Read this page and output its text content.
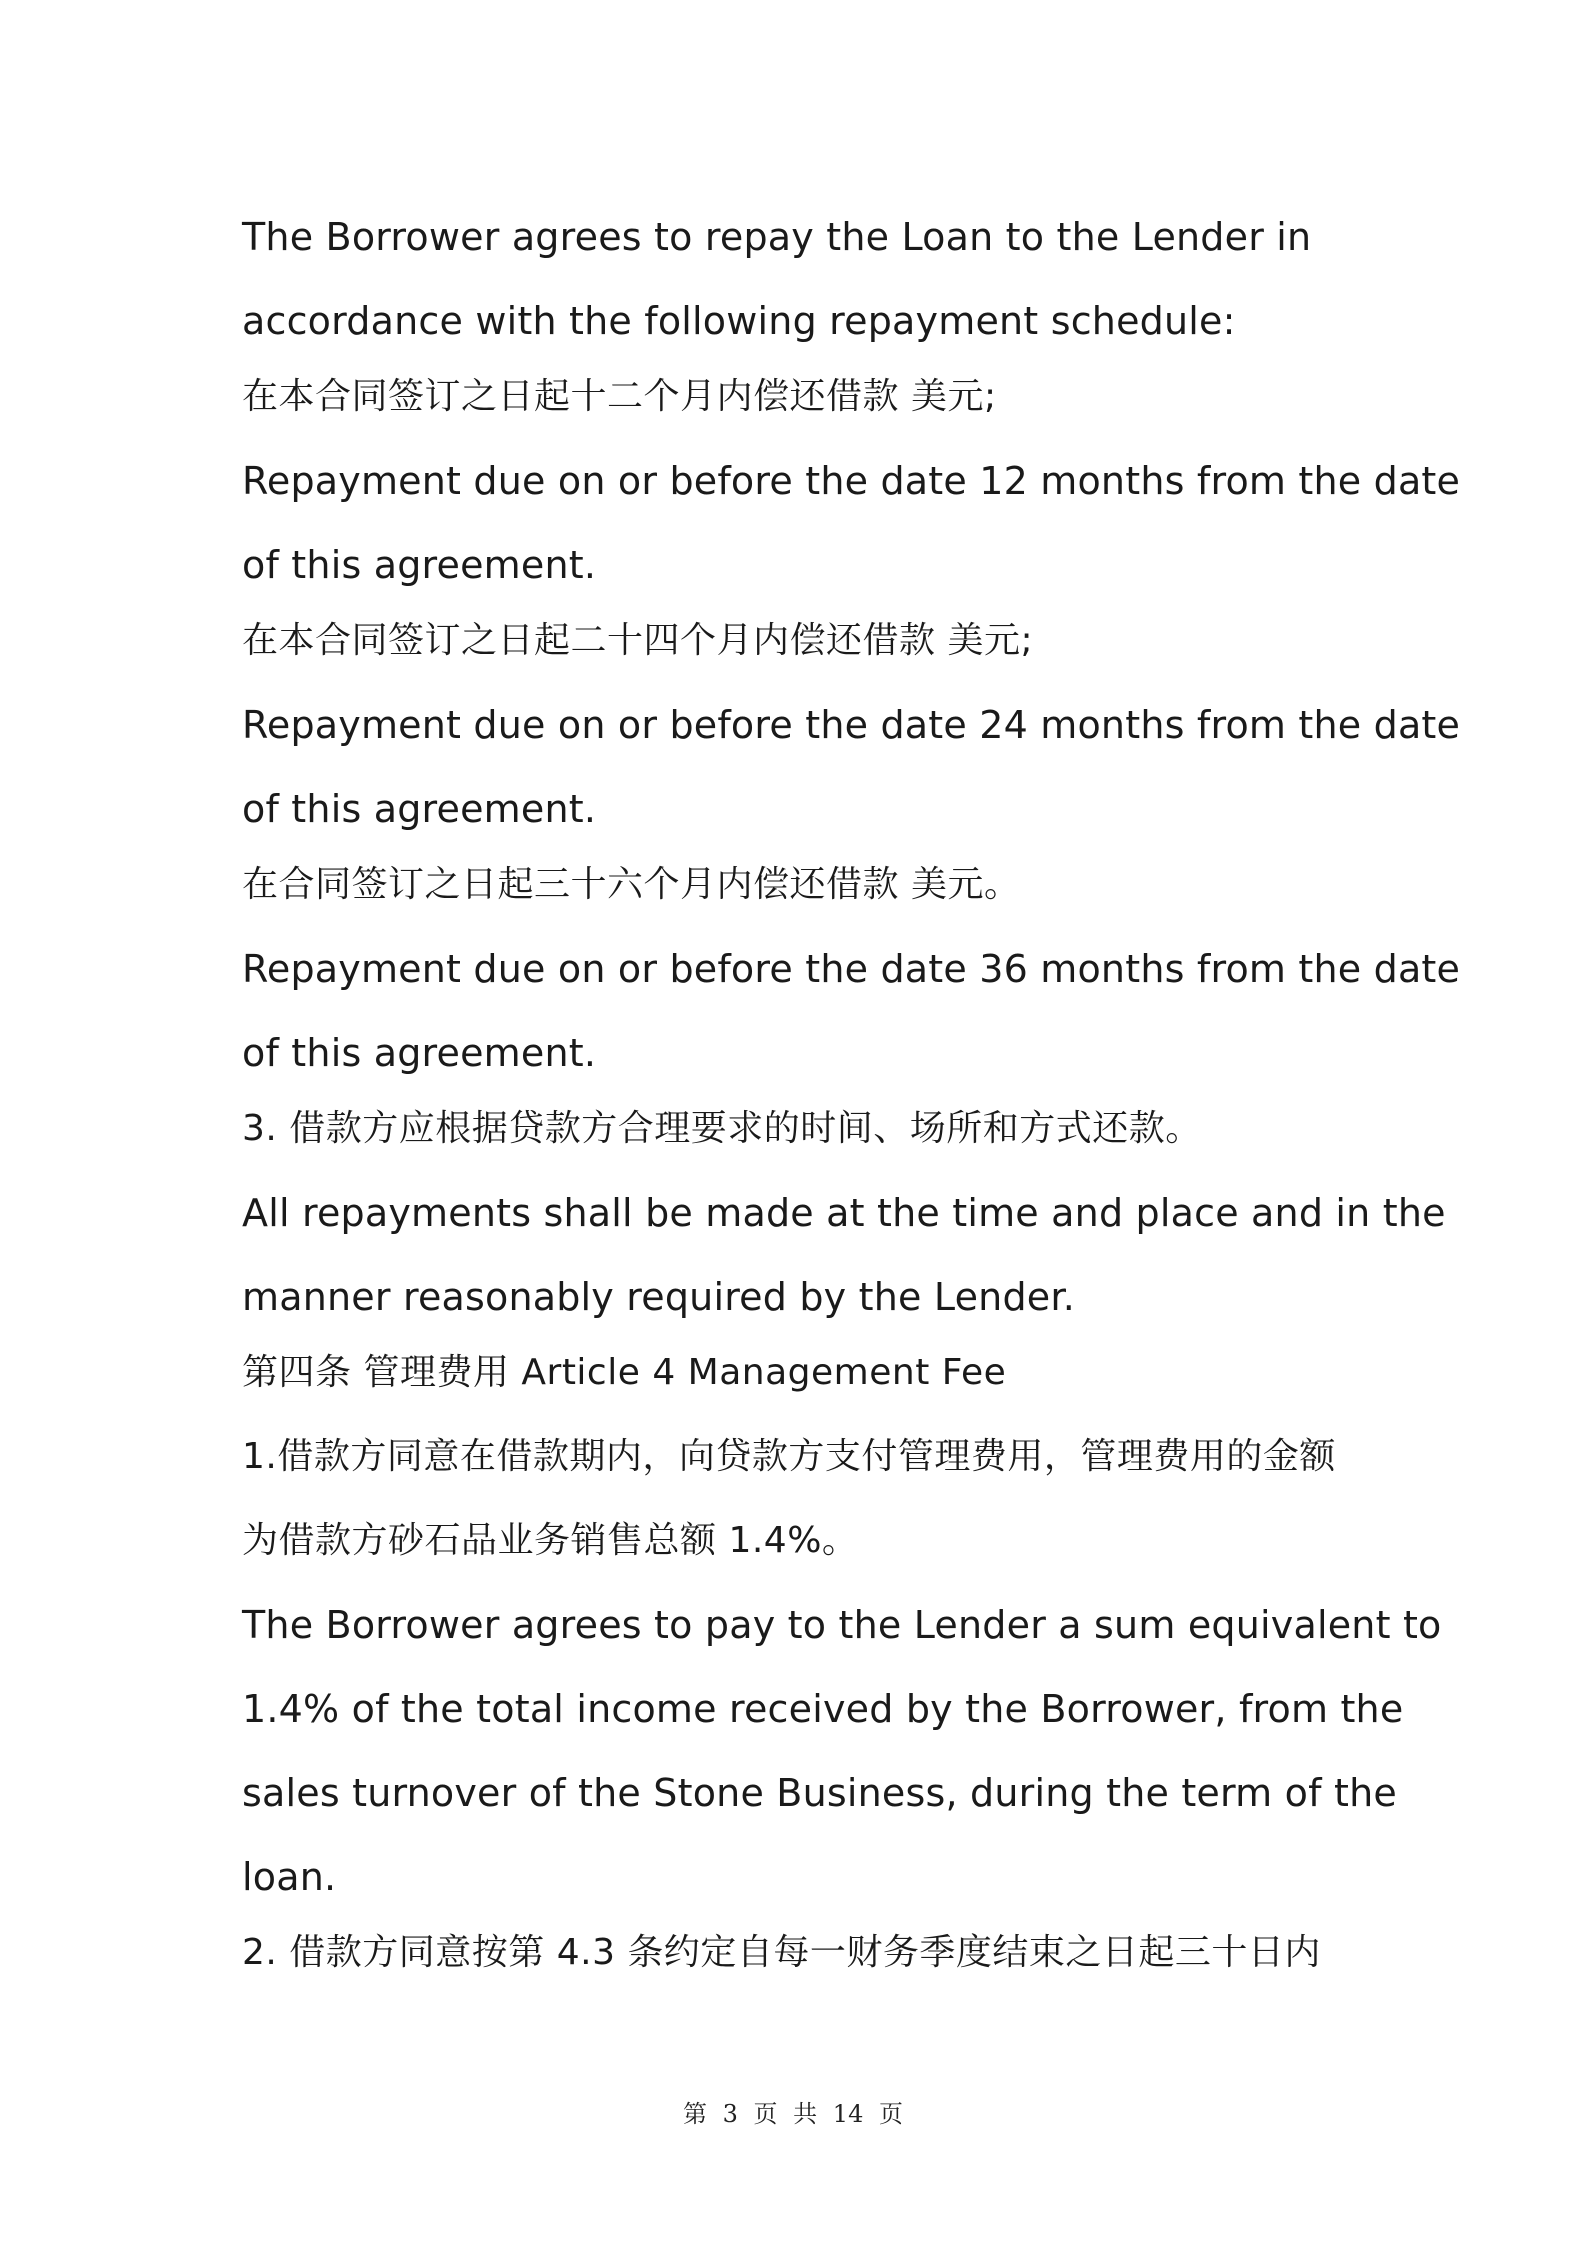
The Borrower agrees to repay the Loan to the Lender in
accordance with the following repayment schedule:
在本合同签订之日起十二个月内偿还借款 美元;
Repayment due on or before the date 12 months from the date
of this agreement.
在本合同签订之日起二十四个月内偿还借款 美元;
Repayment due on or before the date 24 months from the date
of this agreement.
在合同签订之日起三十六个月内偿还借款 美元。
Repayment due on or before the date 36 months from the date
of this agreement.
3. 借款方应根据贷款方合理要求的时间、场所和方式还款。
All repayments shall be made at the time and place and in the
manner reasonably required by the Lender.
第四条 管理费用 Article 4 Management Fee
1.借款方同意在借款期内，向贷款方支付管理费用，管理费用的金额
为借款方砂石品业务销售总额 1.4%。
The Borrower agrees to pay to the Lender a sum equivalent to
1.4% of the total income received by the Borrower, from the
sales turnover of the Stone Business, during the term of the
loan.
2. 借款方同意按第 4.3 条约定自每一财务季度结束之日起三十日内
第 3 页 共 14 页
